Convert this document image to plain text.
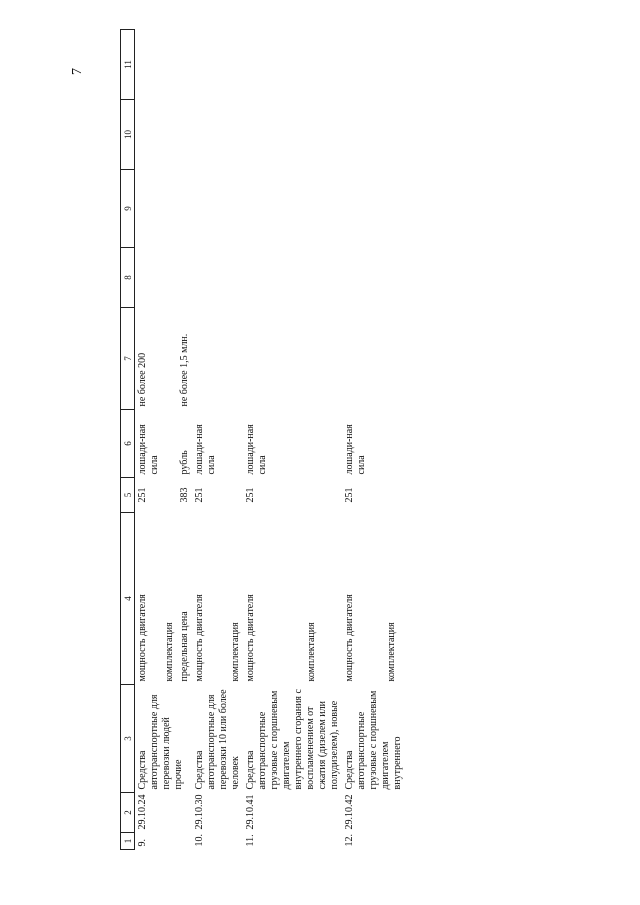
7
1	2	3	4	5	6	7	8	9	10	11
9.	29.10.24	Средства автотранспортные для перевозки людей прочие	мощность двигателя	251	лошади-ная сила	не более 200				
			комплектация							
			предельная цена	383	рубль	не более 1,5 млн.				
10.	29.10.30	Средства автотранспортные для перевозки 10 или более человек	мощность двигателя	251	лошади-ная сила					
			комплектация							
11.	29.10.41	Средства автотранспортные грузовые с поршневым двигателем внутреннего сгорания с воспламенением от сжатия (дизелем или полудизелем), новые	мощность двигателя	251	лошади-ная сила					
			комплектация							
12.	29.10.42	Средства автотранспортные грузовые с поршневым двигателем внутреннего	мощность двигателя	251	лошади-ная сила					
			комплектация							
